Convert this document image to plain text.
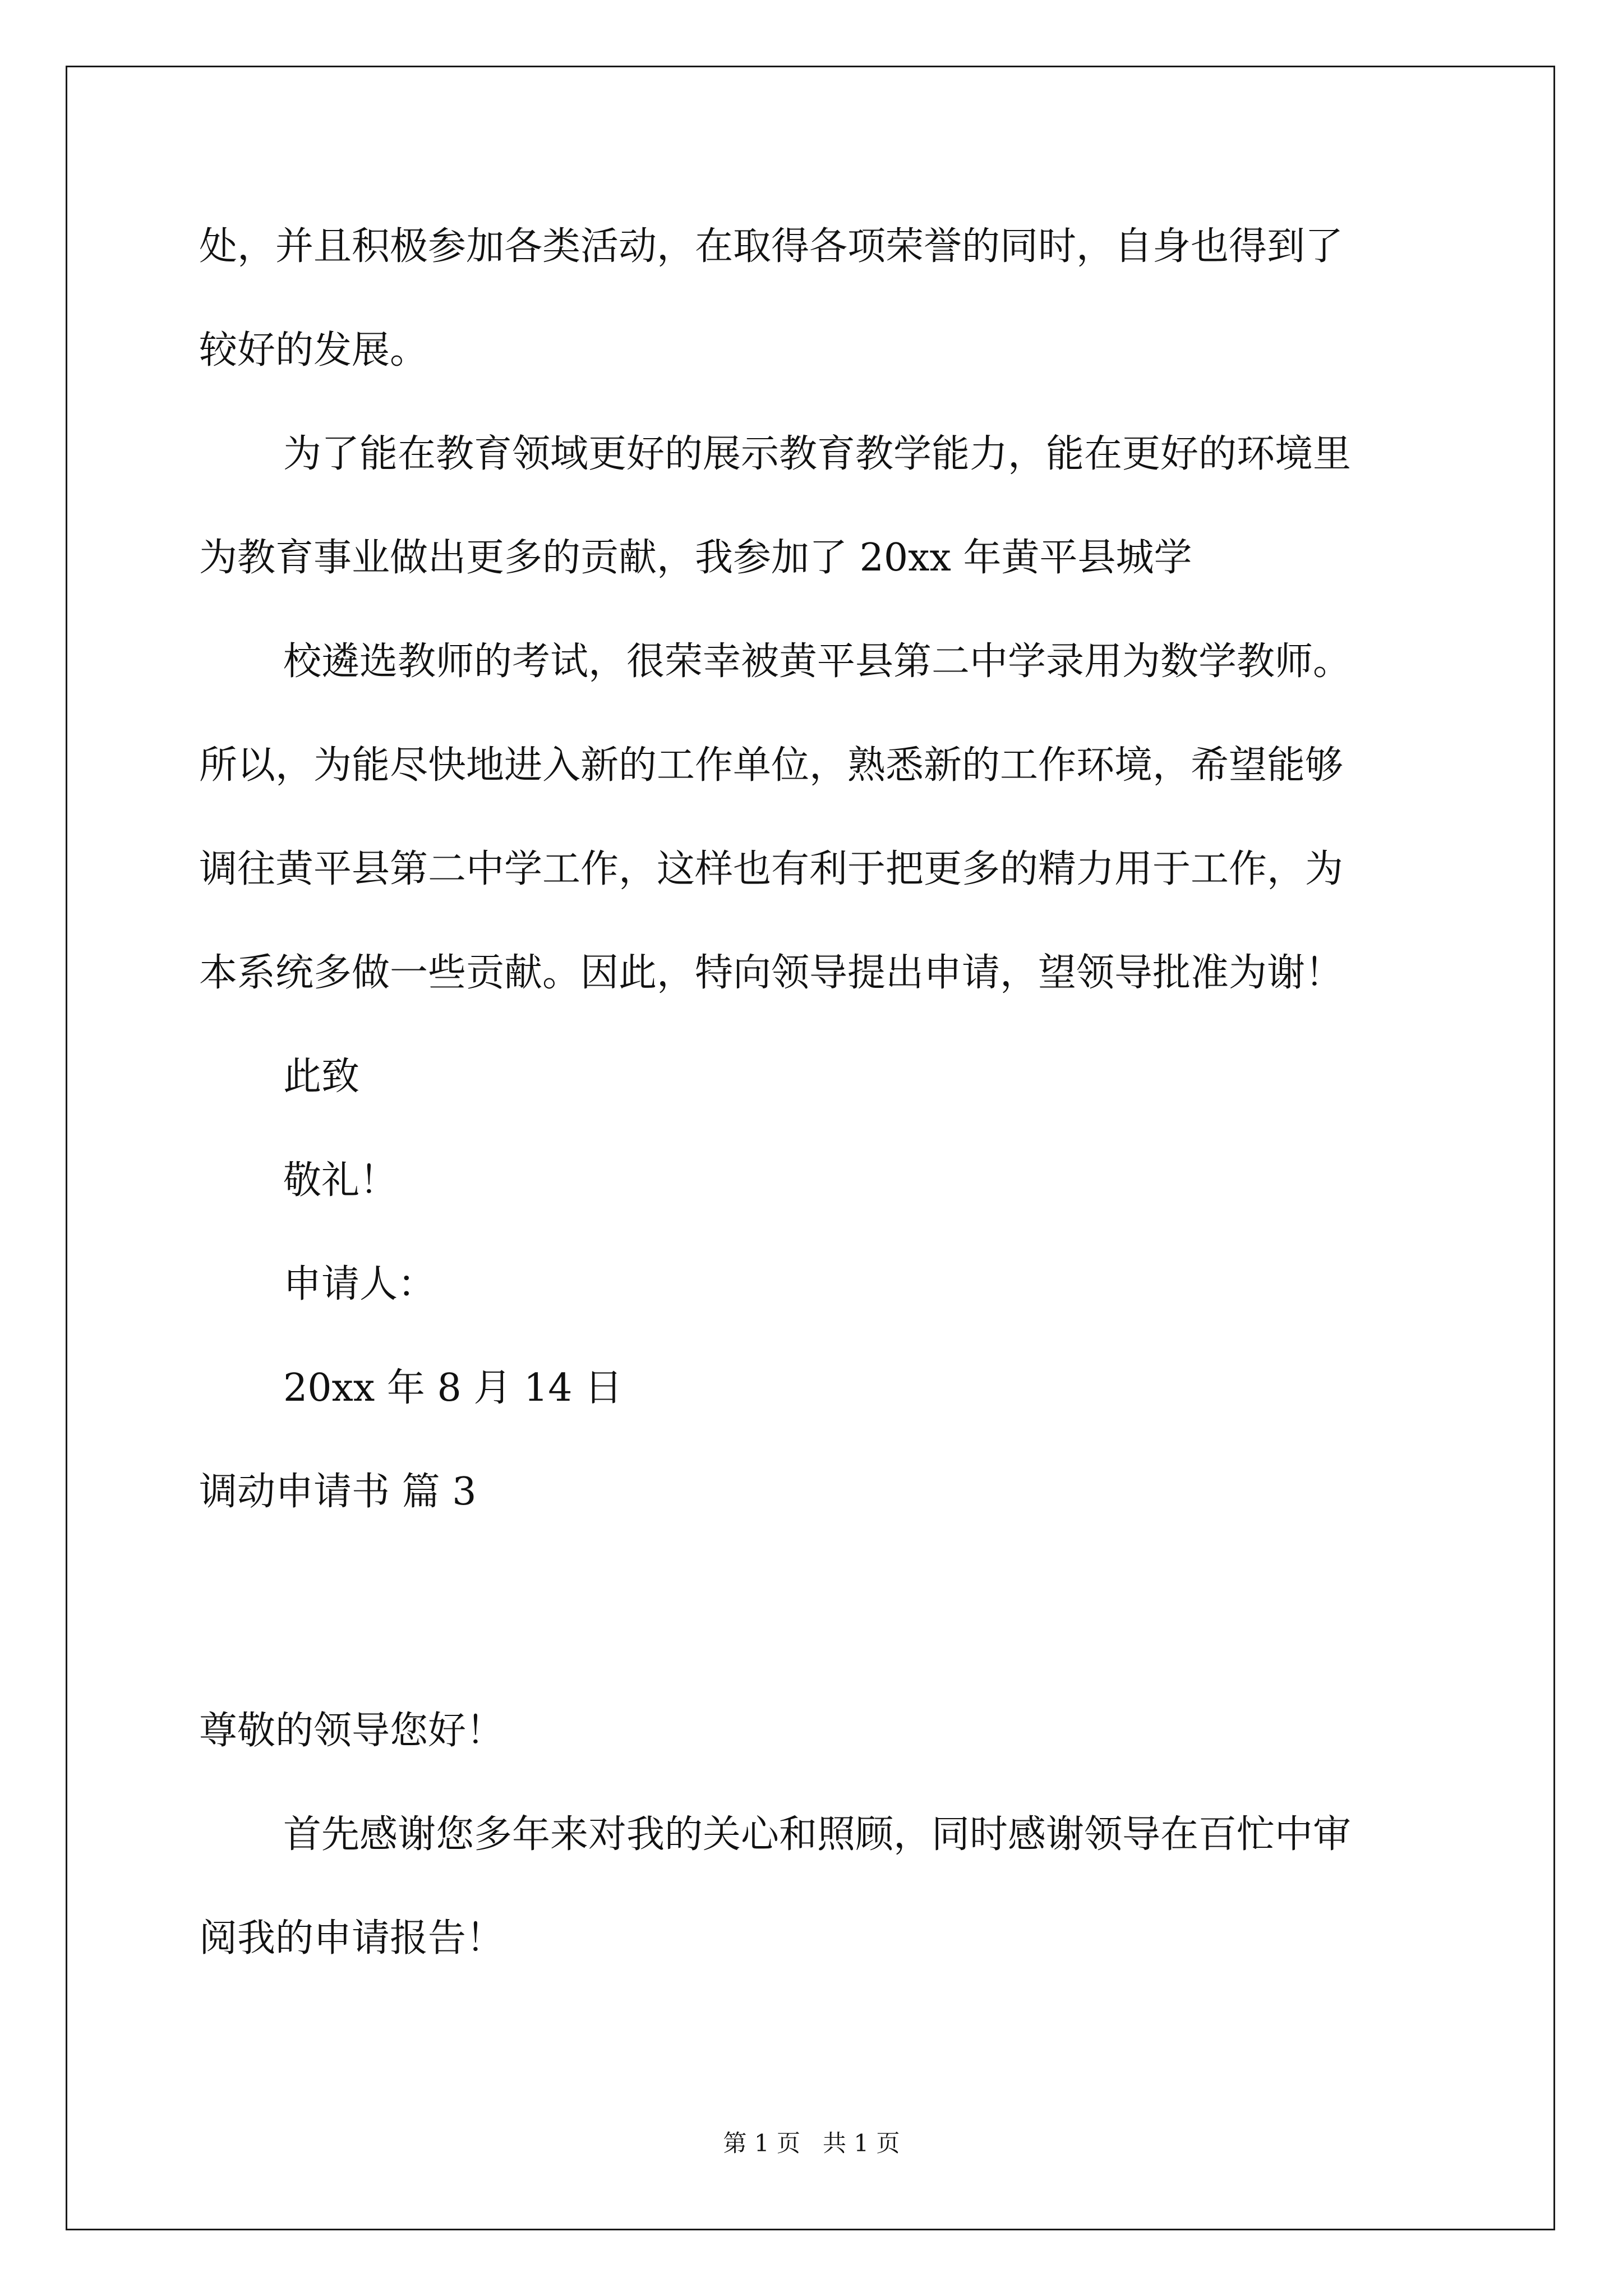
处，并且积极参加各类活动，在取得各项荣誉的同时，自身也得到了
较好的发展。
为了能在教育领域更好的展示教育教学能力，能在更好的环境里
为教育事业做出更多的贡献，我参加了 20xx 年黄平县城学
校遴选教师的考试，很荣幸被黄平县第二中学录用为数学教师。
所以，为能尽快地进入新的工作单位，熟悉新的工作环境，希望能够
调往黄平县第二中学工作，这样也有利于把更多的精力用于工作，为
本系统多做一些贡献。因此，特向领导提出申请，望领导批准为谢！
此致
敬礼！
申请人：
20xx 年 8 月 14 日
调动申请书 篇 3
尊敬的领导您好！
首先感谢您多年来对我的关心和照顾，同时感谢领导在百忙中审
阅我的申请报告！
第 1 页   共 1 页
